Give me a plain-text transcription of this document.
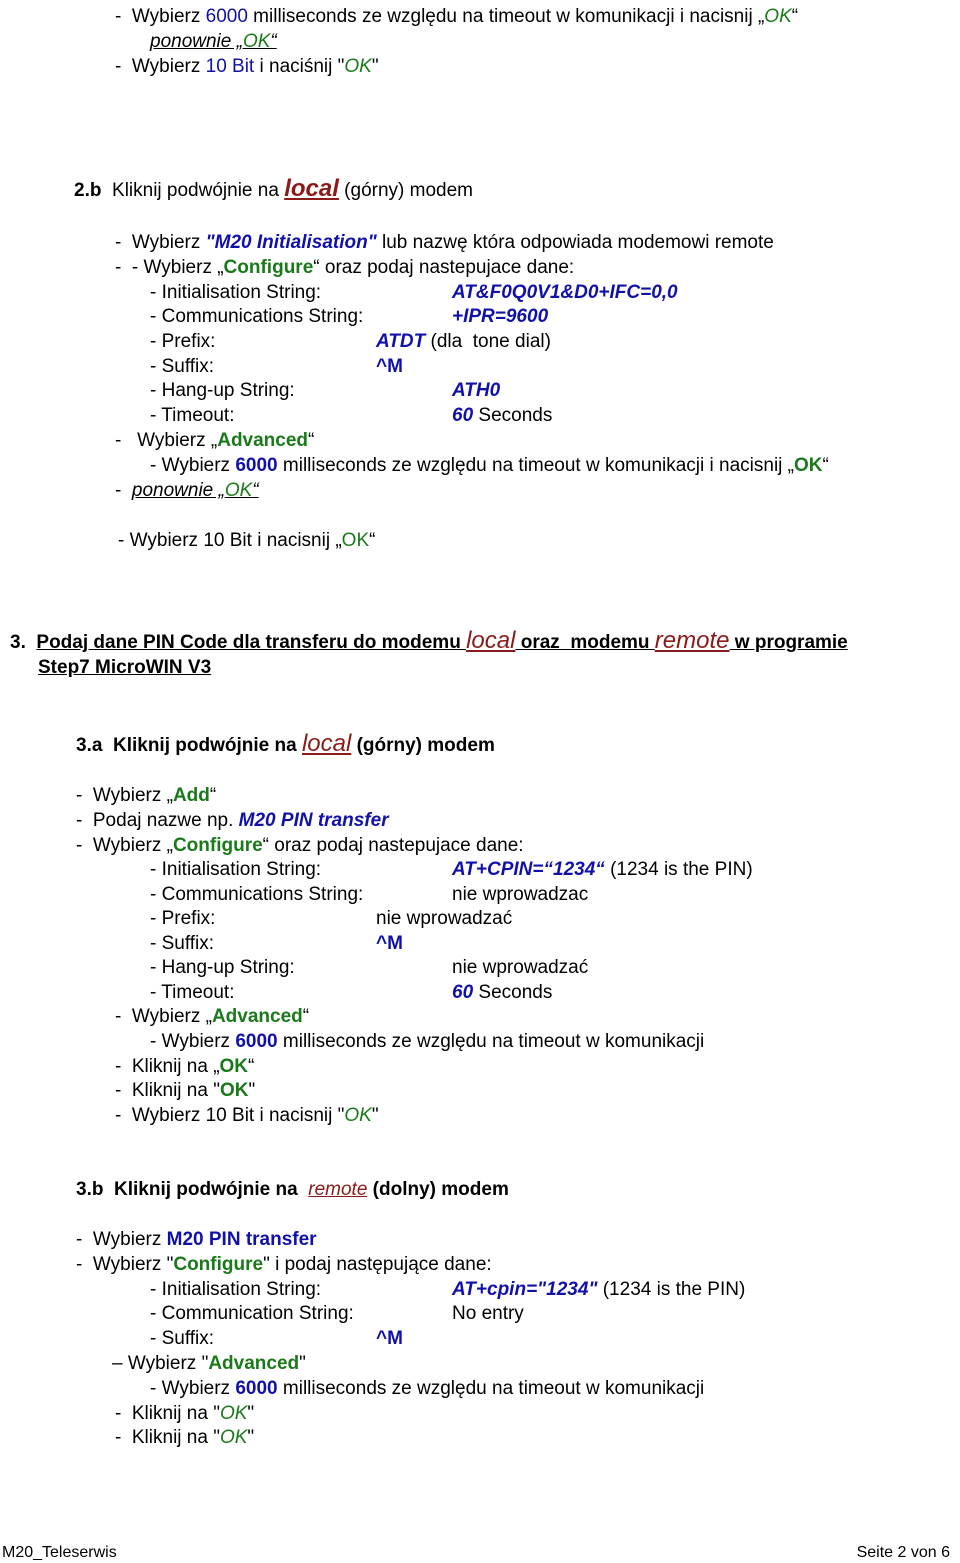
-  Wybierz 6000 milliseconds ze względu na timeout w komunikacji i nacisnij „OK“
ponownie „OK“
-  Wybierz 10 Bit i naciśnij "OK"
2.b  Kliknij podwójnie na local (górny) modem
-  Wybierz "M20 Initialisation" lub nazwę która odpowiada modemowi remote
-  - Wybierz „Configure“ oraz podaj nastepujace dane:
- Initialisation String:	AT&F0Q0V1&D0+IFC=0,0
- Communications String:	+IPR=9600
- Prefix:	ATDT (dla  tone dial)
- Suffix:	^M
- Hang-up String:	ATH0
- Timeout:	60 Seconds
-   Wybierz „Advanced“
- Wybierz 6000 milliseconds ze względu na timeout w komunikacji i nacisnij „OK“
-  ponownie „OK“
- Wybierz 10 Bit i nacisnij „OK“
3.  Podaj dane PIN Code dla transferu do modemu local oraz  modemu remote w programie
Step7 MicroWIN V3
3.a  Kliknij podwójnie na local (górny) modem
-  Wybierz „Add“
-  Podaj nazwe np. M20 PIN transfer
-  Wybierz „Configure“ oraz podaj nastepujace dane:
- Initialisation String:	AT+CPIN=“1234“ (1234 is the PIN)
- Communications String:	nie wprowadzac
- Prefix:	nie wprowadzać
- Suffix:	^M
- Hang-up String:	nie wprowadzać
- Timeout:	60 Seconds
-  Wybierz „Advanced“
- Wybierz 6000 milliseconds ze względu na timeout w komunikacji
-  Kliknij na „OK“
-  Kliknij na "OK"
-  Wybierz 10 Bit i nacisnij "OK"
3.b  Kliknij podwójnie na  remote (dolny) modem
-  Wybierz M20 PIN transfer
-  Wybierz "Configure" i podaj następujące dane:
- Initialisation String:	AT+cpin="1234" (1234 is the PIN)
- Communication String:	No entry
- Suffix:	^M
– Wybierz "Advanced"
- Wybierz 6000 milliseconds ze względu na timeout w komunikacji
-  Kliknij na "OK"
-  Kliknij na "OK"
M20_Teleserwis	Seite 2 von 6
